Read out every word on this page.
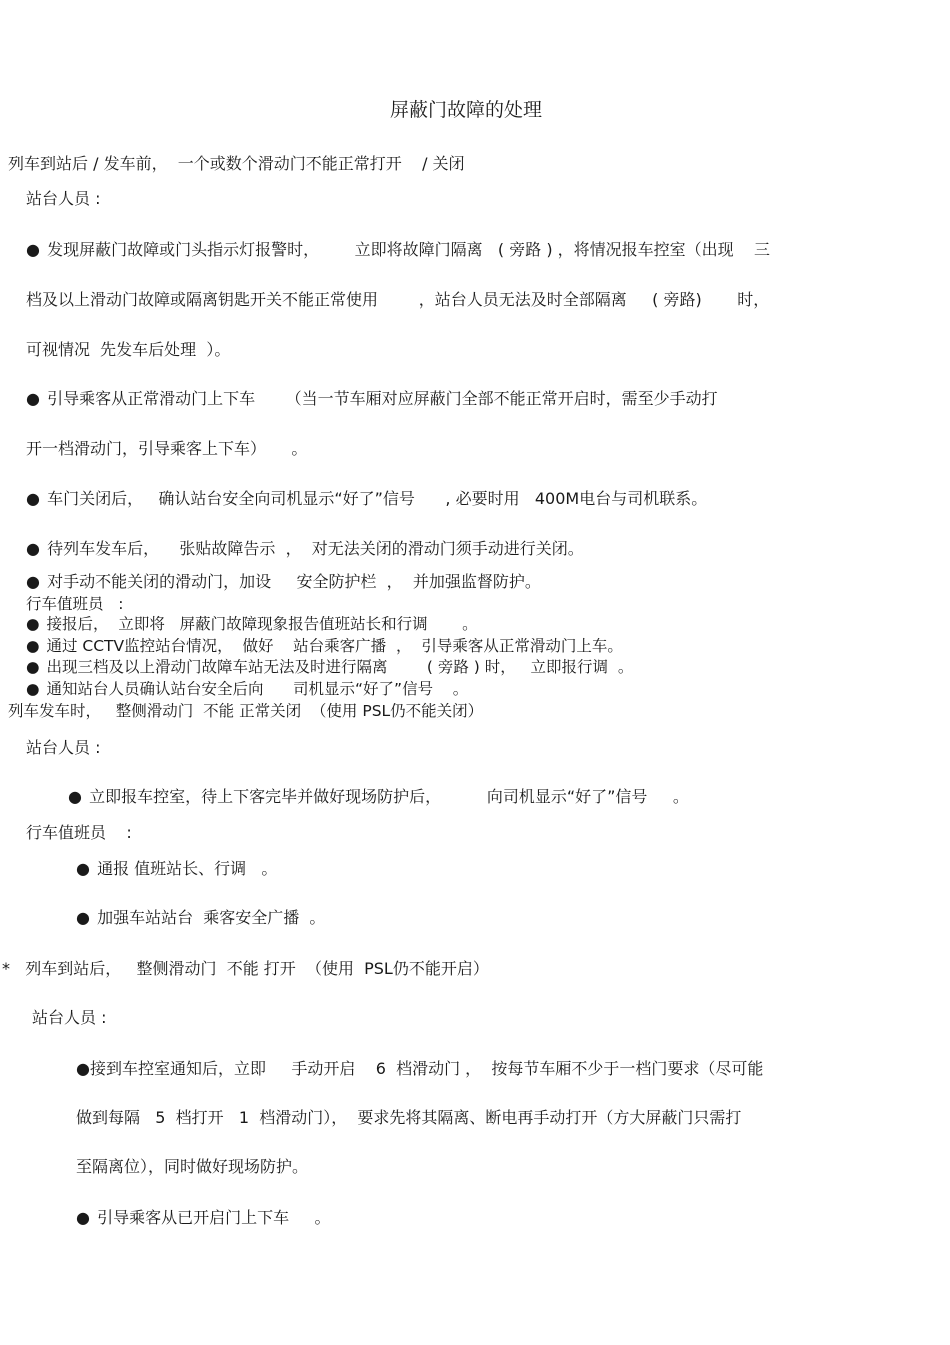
屏蔽门故障的处理
列车到站后 / 发车前，  一个或数个滑动门不能正常打开    / 关闭
站台人员 :
● 发现屏蔽门故障或门头指示灯报警时，       立即将故障门隔离   ( 旁路 ) ，将情况报车控室（出现    三
档及以上滑动门故障或隔离钥匙开关不能正常使用        ，站台人员无法及时全部隔离     ( 旁路)       时，
可视情况  先发车后处理  ）。
● 引导乘客从正常滑动门上下车      （当一节车厢对应屏蔽门全部不能正常开启时，需至少手动打
开一档滑动门，引导乘客上下车）     。
● 车门关闭后，   确认站台安全向司机显示“好了”信号      , 必要时用   400M电台与司机联系。
● 待列车发车后，    张贴故障告示  ，  对无法关闭的滑动门须手动进行关闭。
● 对手动不能关闭的滑动门，加设     安全防护栏  ，  并加强监督防护。
行车值班员   :
● 接报后，  立即将   屏蔽门故障现象报告值班站长和行调       。
● 通过 CCTV监控站台情况，  做好    站台乘客广播  ，  引导乘客从正常滑动门上车。
● 出现三档及以上滑动门故障车站无法及时进行隔离        ( 旁路 ) 时，   立即报行调  。
● 通知站台人员确认站台安全后向      司机显示“好了”信号    。
列车发车时，   整侧滑动门  不能 正常关闭  （使用 PSL仍不能关闭）
站台人员 :
● 立即报车控室，待上下客完毕并做好现场防护后，         向司机显示“好了”信号     。
行车值班员    :
● 通报 值班站长、行调   。
● 加强车站站台  乘客安全广播  。
*   列车到站后，   整侧滑动门  不能 打开  （使用  PSL仍不能开启）
站台人员 :
●接到车控室通知后，立即     手动开启    6  档滑动门 ，  按每节车厢不少于一档门要求（尽可能
做到每隔   5  档打开   1  档滑动门），  要求先将其隔离、断电再手动打开（方大屏蔽门只需打
至隔离位），同时做好现场防护。
● 引导乘客从已开启门上下车     。
